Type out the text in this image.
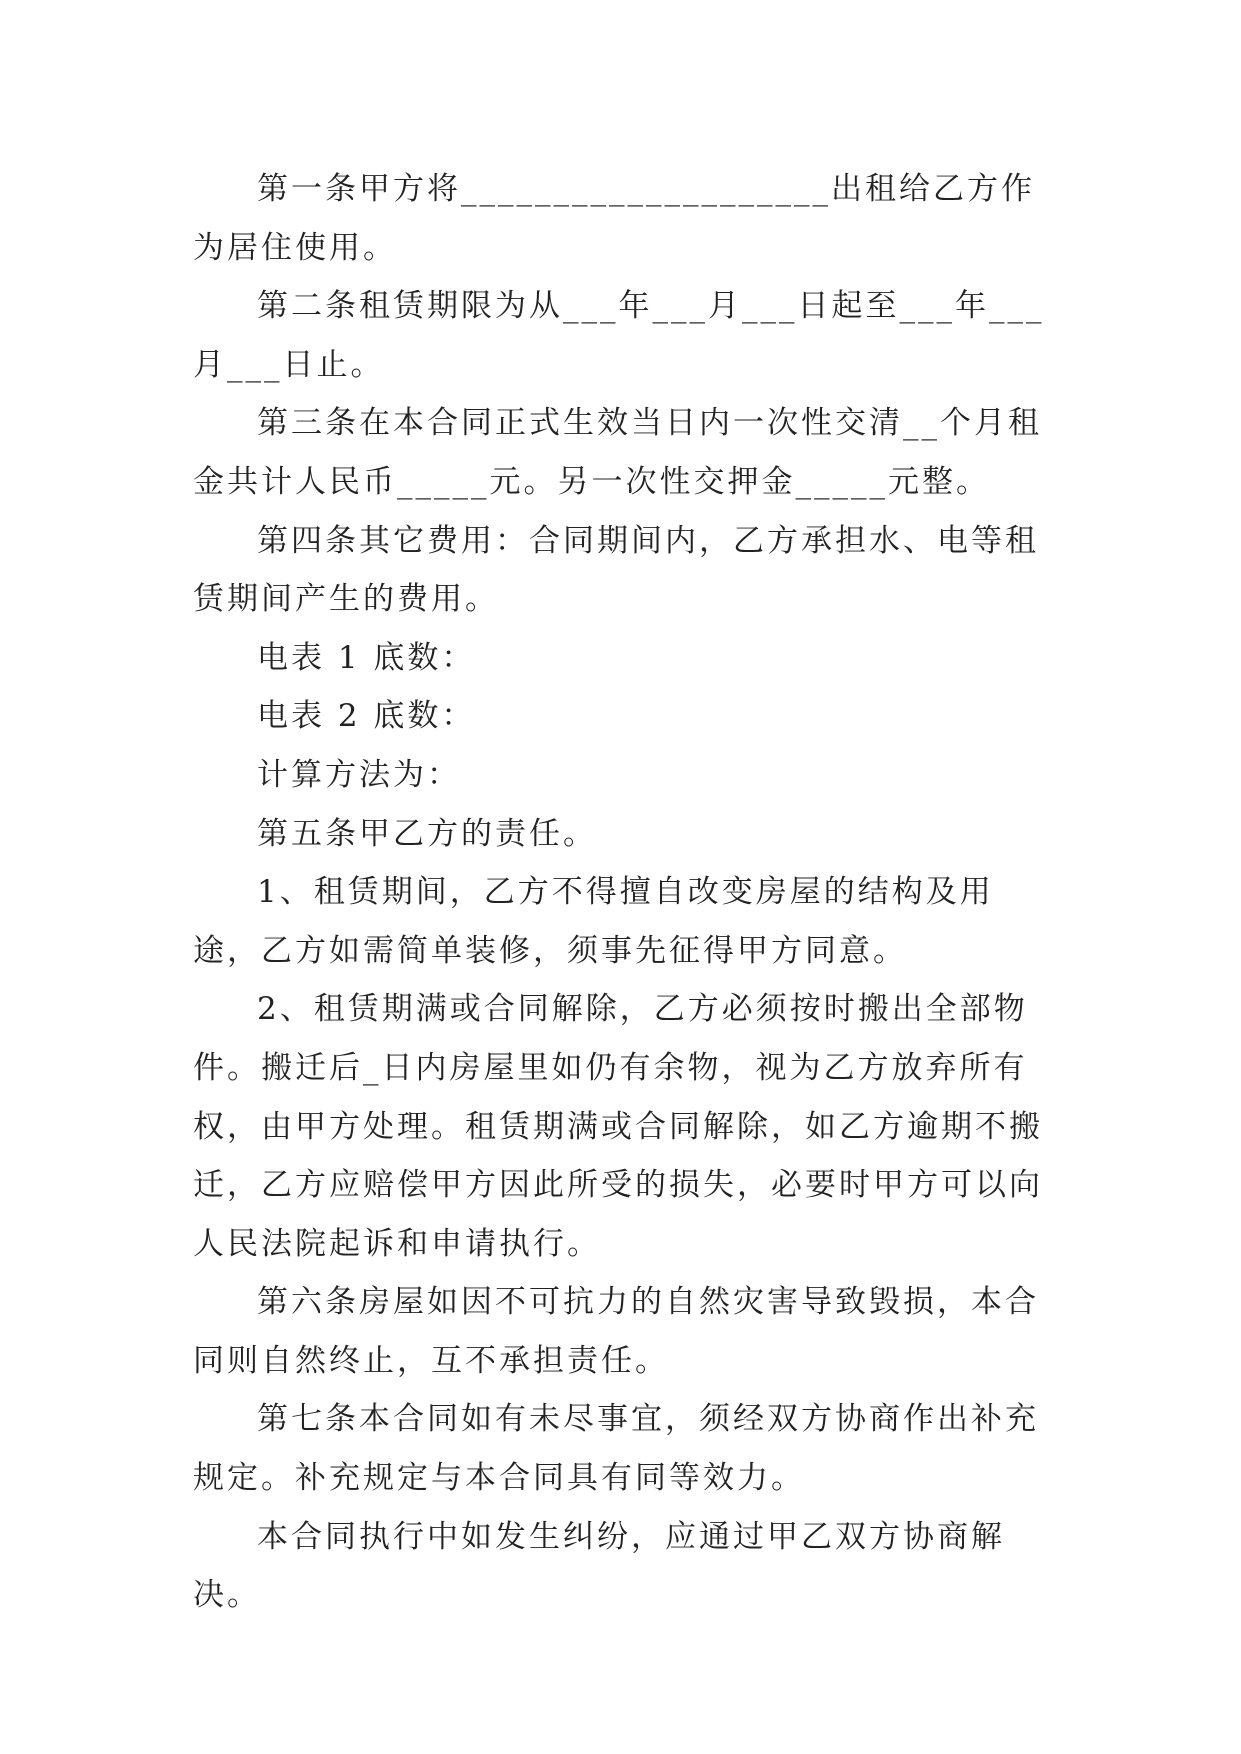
第一条甲方将____________________出租给乙方作为居住使用。

第二条租赁期限为从___年___月___日起至___年___月___日止。

第三条在本合同正式生效当日内一次性交清__个月租金共计人民币_____元。另一次性交押金_____元整。

第四条其它费用：合同期间内，乙方承担水、电等租赁期间产生的费用。

电表 1 底数：

电表 2 底数：

计算方法为：

第五条甲乙方的责任。

1、租赁期间，乙方不得擅自改变房屋的结构及用途，乙方如需简单装修，须事先征得甲方同意。

2、租赁期满或合同解除，乙方必须按时搬出全部物件。搬迁后_日内房屋里如仍有余物，视为乙方放弃所有权，由甲方处理。租赁期满或合同解除，如乙方逾期不搬迁，乙方应赔偿甲方因此所受的损失，必要时甲方可以向人民法院起诉和申请执行。

第六条房屋如因不可抗力的自然灾害导致毁损，本合同则自然终止，互不承担责任。

第七条本合同如有未尽事宜，须经双方协商作出补充规定。补充规定与本合同具有同等效力。

本合同执行中如发生纠纷，应通过甲乙双方协商解决。
